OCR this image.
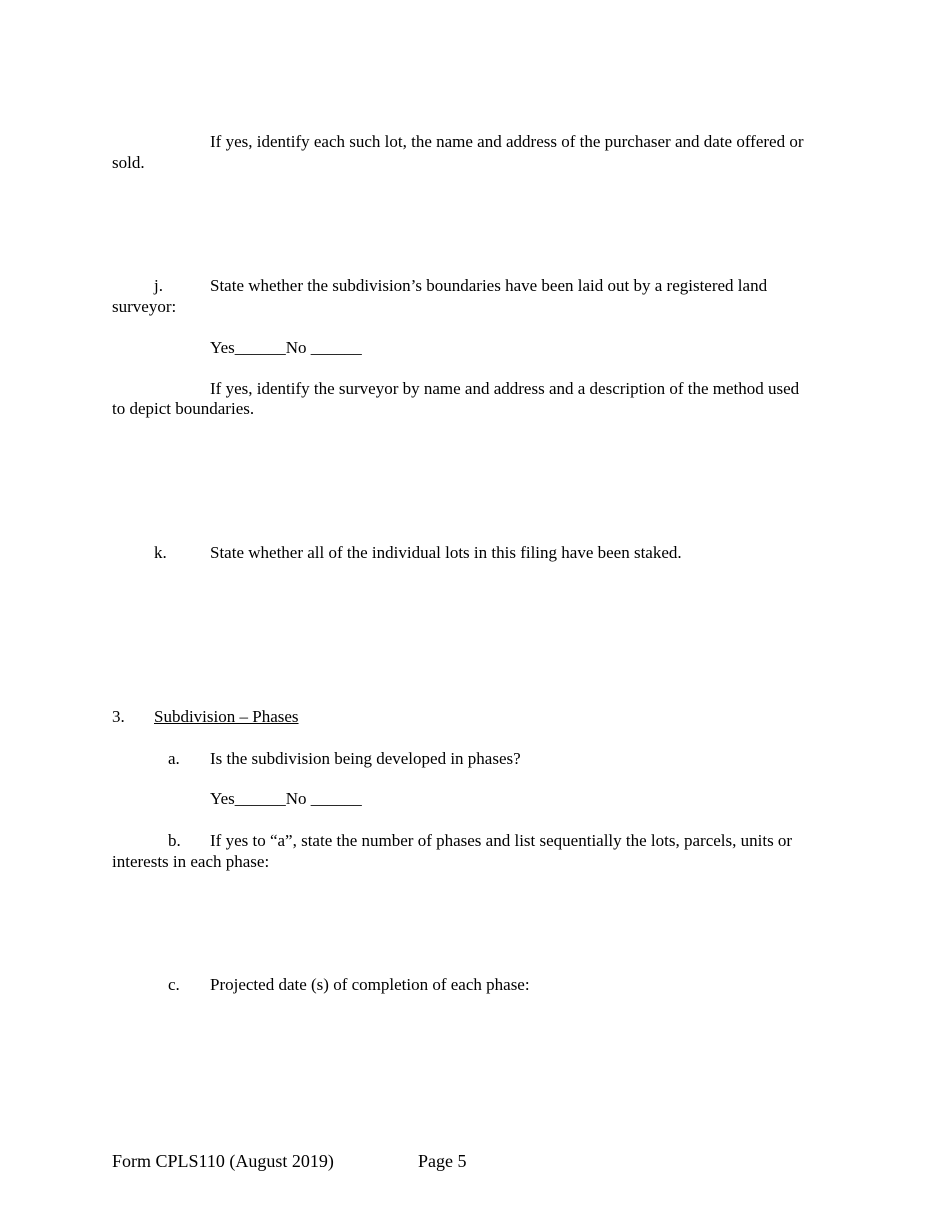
If yes, identify each such lot, the name and address of the purchaser and date offered or
sold.
j.	State whether the subdivision’s boundaries have been laid out by a registered land
surveyor:
Yes______No ______
If yes, identify the surveyor by name and address and a description of the method used
to depict boundaries.
k.	State whether all of the individual lots in this filing have been staked.
3. Subdivision – Phases
a. Is the subdivision being developed in phases?
Yes______No ______
b. If yes to “a”, state the number of phases and list sequentially the lots, parcels, units or
interests in each phase:
c. Projected date (s) of completion of each phase:
Form CPLS110 (August 2019)	Page 5
